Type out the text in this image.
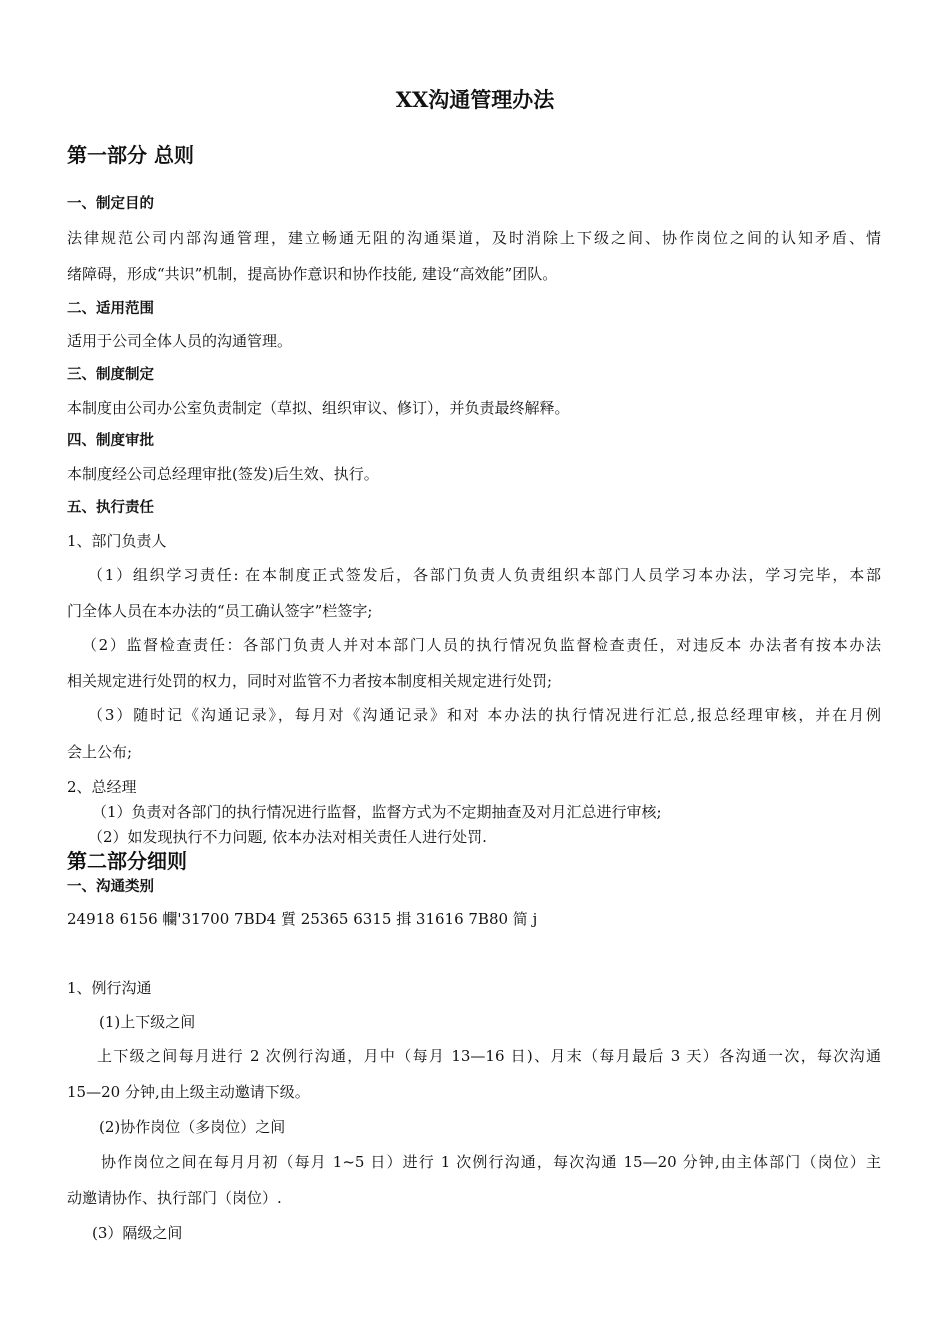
XX沟通管理办法
第一部分 总则
一、制定目的
法律规范公司内部沟通管理，建立畅通无阻的沟通渠道，及时消除上下级之间、协作岗位之间的认知矛盾、情
绪障碍，形成“共识”机制，提高协作意识和协作技能, 建设“高效能”团队。
二、适用范围
适用于公司全体人员的沟通管理。
三、制度制定
本制度由公司办公室负责制定（草拟、组织审议、修订），并负责最终解释。
四、制度审批
本制度经公司总经理审批(签发)后生效、执行。
五、执行责任
1、部门负责人
（1）组织学习责任: 在本制度正式签发后，各部门负责人负责组织本部门人员学习本办法，学习完毕，本部
门全体人员在本办法的“员工确认签字”栏签字;
（2）监督检查责任：各部门负责人并对本部门人员的执行情况负监督检查责任，对违反本 办法者有按本办法
相关规定进行处罚的权力，同时对监管不力者按本制度相关规定进行处罚;
（3）随时记《沟通记录》，每月对《沟通记录》和对 本办法的执行情况进行汇总,报总经理审核，并在月例
会上公布;
2、总经理
（1）负责对各部门的执行情况进行监督，监督方式为不定期抽查及对月汇总进行审核;
（2）如发现执行不力问题, 依本办法对相关责任人进行处罚.
第二部分细则
一、沟通类别
24918 6156 幱'31700 7BD4 質 25365 6315 揖 31616 7B80 简 j
1、例行沟通
(1)上下级之间
上下级之间每月进行 2 次例行沟通，月中（每月 13—16 日)、月末（每月最后 3 天）各沟通一次，每次沟通
15—20 分钟,由上级主动邀请下级。
(2)协作岗位（多岗位）之间
协作岗位之间在每月月初（每月 1~5 日）进行 1 次例行沟通，每次沟通 15—20 分钟,由主体部门（岗位）主
动邀请协作、执行部门（岗位）.
(3）隔级之间
